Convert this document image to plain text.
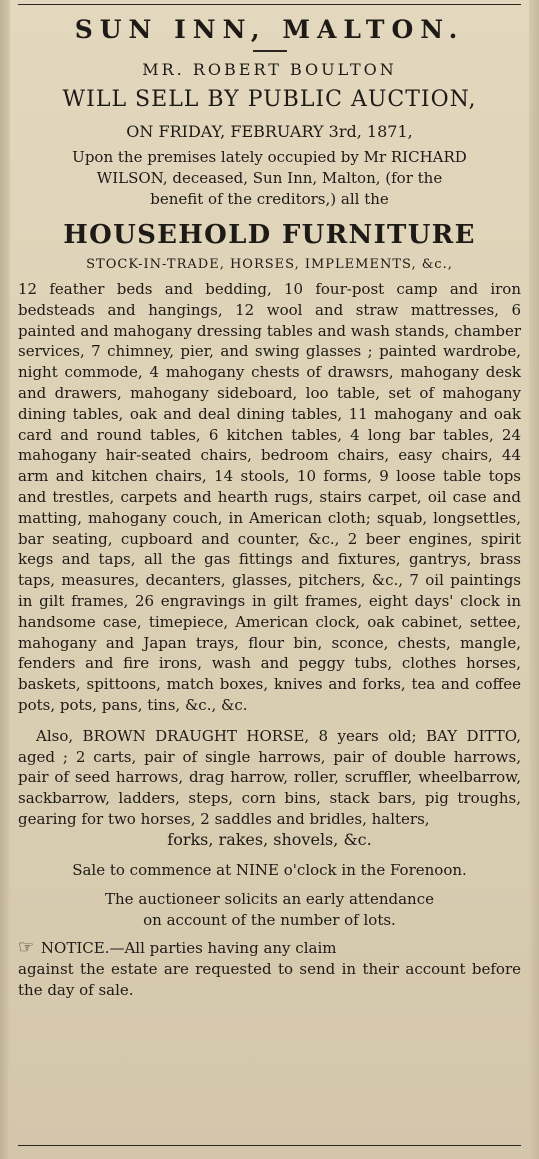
SUN INN, MALTON.

MR. ROBERT BOULTON

WILL SELL BY PUBLIC AUCTION,

ON FRIDAY, FEBRUARY 3rd, 1871,

Upon the premises lately occupied by Mr RICHARD
WILSON, deceased, Sun Inn, Malton, (for the
benefit of the creditors,) all the
HOUSEHOLD FURNITURE

STOCK-IN-TRADE, HORSES, IMPLEMENTS, &c.,

12 feather beds and bedding, 10 four-post camp and iron bedsteads and hangings, 12 wool and straw mattresses, 6 painted and mahogany dressing tables and wash stands, chamber services, 7 chimney, pier, and swing glasses ; painted wardrobe, night commode, 4 mahogany chests of drawsrs, mahogany desk and drawers, mahogany sideboard, loo table, set of mahogany dining tables, oak and deal dining tables, 11 mahogany and oak card and round tables, 6 kitchen tables, 4 long bar tables, 24 mahogany hair-seated chairs, bedroom chairs, easy chairs, 44 arm and kitchen chairs, 14 stools, 10 forms, 9 loose table tops and trestles, carpets and hearth rugs, stairs carpet, oil case and matting, mahogany couch, in American cloth; squab, longsettles, bar seating, cupboard and counter, &c., 2 beer engines, spirit kegs and taps, all the gas fittings and fixtures, gantrys, brass taps, measures, decanters, glasses, pitchers, &c., 7 oil paintings in gilt frames, 26 engravings in gilt frames, eight days' clock in handsome case, timepiece, American clock, oak cabinet, settee, mahogany and Japan trays, flour bin, sconce, chests, mangle, fenders and fire irons, wash and peggy tubs, clothes horses, baskets, spittoons, match boxes, knives and forks, tea and coffee pots, pots, pans, tins, &c., &c.

Also, BROWN DRAUGHT HORSE, 8 years old; BAY DITTO, aged ; 2 carts, pair of single harrows, pair of double harrows, pair of seed harrows, drag harrow, roller, scruffler, wheelbarrow, sackbarrow, ladders, steps, corn bins, stack bars, pig troughs, gearing for two horses, 2 saddles and bridles, halters,

forks, rakes, shovels, &c.

Sale to commence at NINE o'clock in the Forenoon.

The auctioneer solicits an early attendance
on account of the number of lots.
☞ NOTICE.—All parties having any claim
against the estate are requested to send in their account before the day of sale.
